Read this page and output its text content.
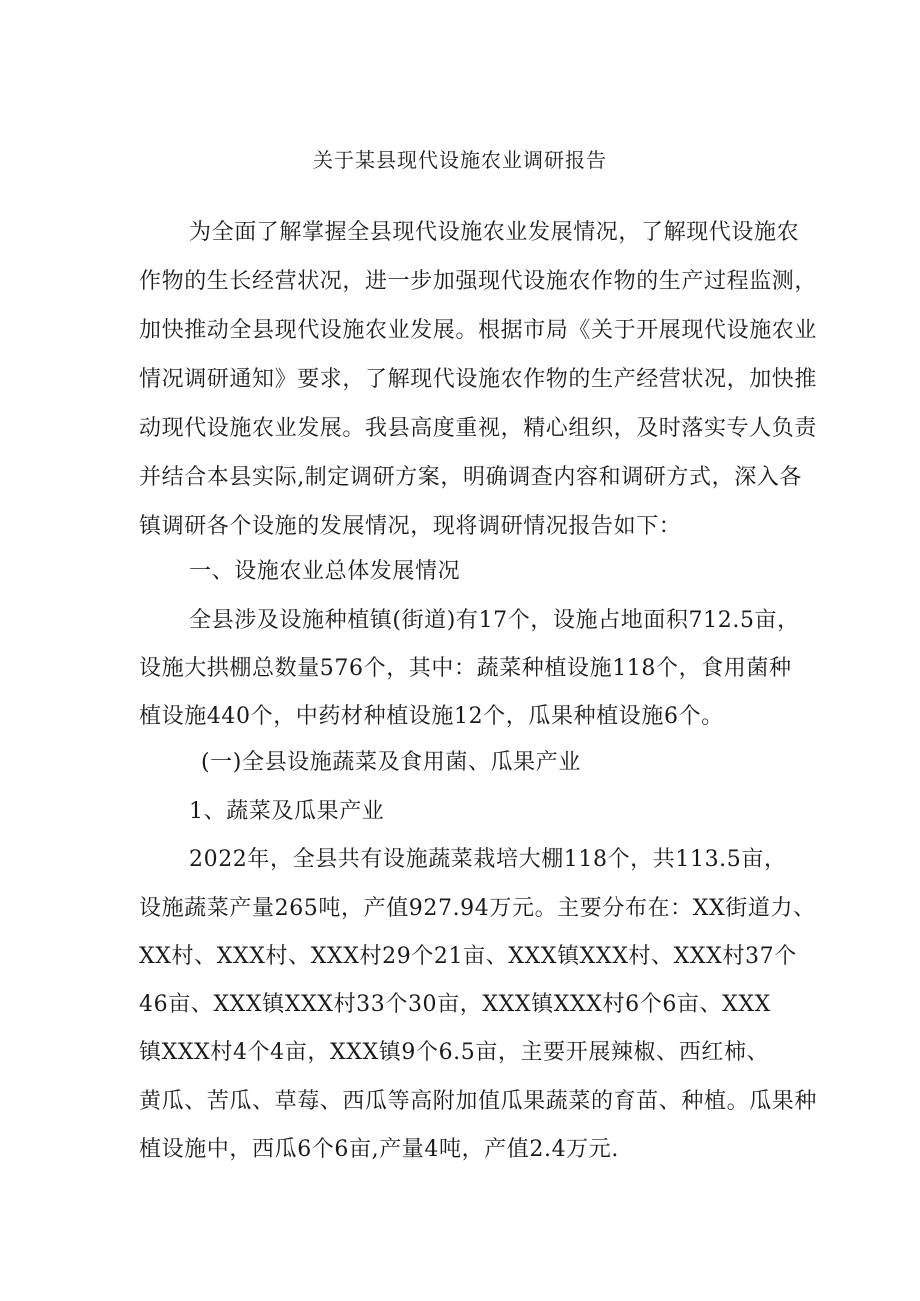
关于某县现代设施农业调研报告
为全面了解掌握全县现代设施农业发展情况，了解现代设施农
作物的生长经营状况，进一步加强现代设施农作物的生产过程监测，
加快推动全县现代设施农业发展。根据市局《关于开展现代设施农业
情况调研通知》要求，了解现代设施农作物的生产经营状况，加快推
动现代设施农业发展。我县高度重视，精心组织，及时落实专人负责
并结合本县实际,制定调研方案，明确调查内容和调研方式，深入各
镇调研各个设施的发展情况，现将调研情况报告如下：
一、设施农业总体发展情况
全县涉及设施种植镇(街道)有17个，设施占地面积712.5亩，
设施大拱棚总数量576个，其中：蔬菜种植设施118个，食用菌种
植设施440个，中药材种植设施12个，瓜果种植设施6个。
(一)全县设施蔬菜及食用菌、瓜果产业
1、蔬菜及瓜果产业
2022年，全县共有设施蔬菜栽培大棚118个，共113.5亩，
设施蔬菜产量265吨，产值927.94万元。主要分布在：XX街道力、
XX村、XXX村、XXX村29个21亩、XXX镇XXX村、XXX村37个
46亩、XXX镇XXX村33个30亩，XXX镇XXX村6个6亩、XXX
镇XXX村4个4亩，XXX镇9个6.5亩，主要开展辣椒、西红柿、
黄瓜、苦瓜、草莓、西瓜等高附加值瓜果蔬菜的育苗、种植。瓜果种
植设施中，西瓜6个6亩,产量4吨，产值2.4万元.
